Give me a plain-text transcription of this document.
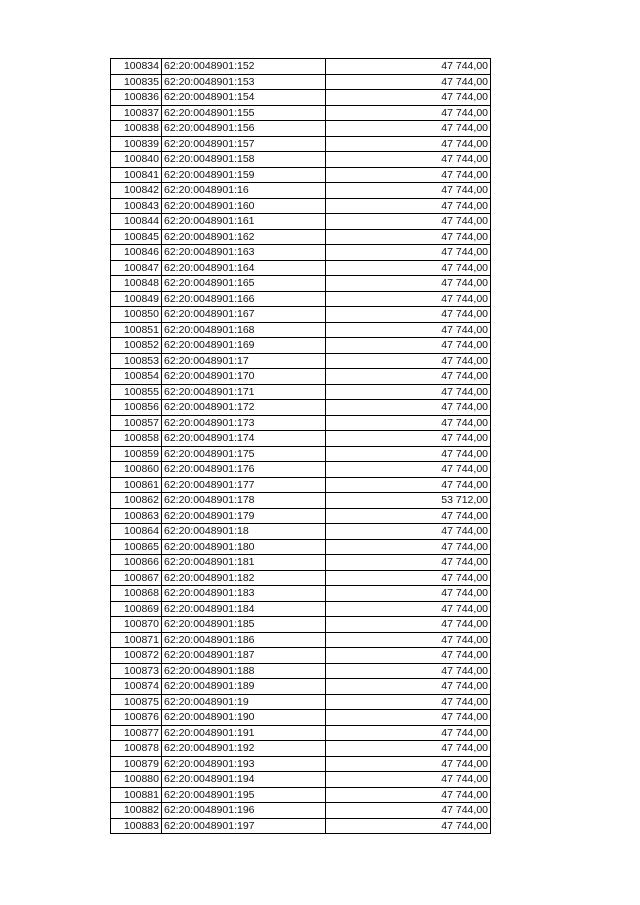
100834	62:20:0048901:152	47 744,00
100835	62:20:0048901:153	47 744,00
100836	62:20:0048901:154	47 744,00
100837	62:20:0048901:155	47 744,00
100838	62:20:0048901:156	47 744,00
100839	62:20:0048901:157	47 744,00
100840	62:20:0048901:158	47 744,00
100841	62:20:0048901:159	47 744,00
100842	62:20:0048901:16	47 744,00
100843	62:20:0048901:160	47 744,00
100844	62:20:0048901:161	47 744,00
100845	62:20:0048901:162	47 744,00
100846	62:20:0048901:163	47 744,00
100847	62:20:0048901:164	47 744,00
100848	62:20:0048901:165	47 744,00
100849	62:20:0048901:166	47 744,00
100850	62:20:0048901:167	47 744,00
100851	62:20:0048901:168	47 744,00
100852	62:20:0048901:169	47 744,00
100853	62:20:0048901:17	47 744,00
100854	62:20:0048901:170	47 744,00
100855	62:20:0048901:171	47 744,00
100856	62:20:0048901:172	47 744,00
100857	62:20:0048901:173	47 744,00
100858	62:20:0048901:174	47 744,00
100859	62:20:0048901:175	47 744,00
100860	62:20:0048901:176	47 744,00
100861	62:20:0048901:177	47 744,00
100862	62:20:0048901:178	53 712,00
100863	62:20:0048901:179	47 744,00
100864	62:20:0048901:18	47 744,00
100865	62:20:0048901:180	47 744,00
100866	62:20:0048901:181	47 744,00
100867	62:20:0048901:182	47 744,00
100868	62:20:0048901:183	47 744,00
100869	62:20:0048901:184	47 744,00
100870	62:20:0048901:185	47 744,00
100871	62:20:0048901:186	47 744,00
100872	62:20:0048901:187	47 744,00
100873	62:20:0048901:188	47 744,00
100874	62:20:0048901:189	47 744,00
100875	62:20:0048901:19	47 744,00
100876	62:20:0048901:190	47 744,00
100877	62:20:0048901:191	47 744,00
100878	62:20:0048901:192	47 744,00
100879	62:20:0048901:193	47 744,00
100880	62:20:0048901:194	47 744,00
100881	62:20:0048901:195	47 744,00
100882	62:20:0048901:196	47 744,00
100883	62:20:0048901:197	47 744,00
